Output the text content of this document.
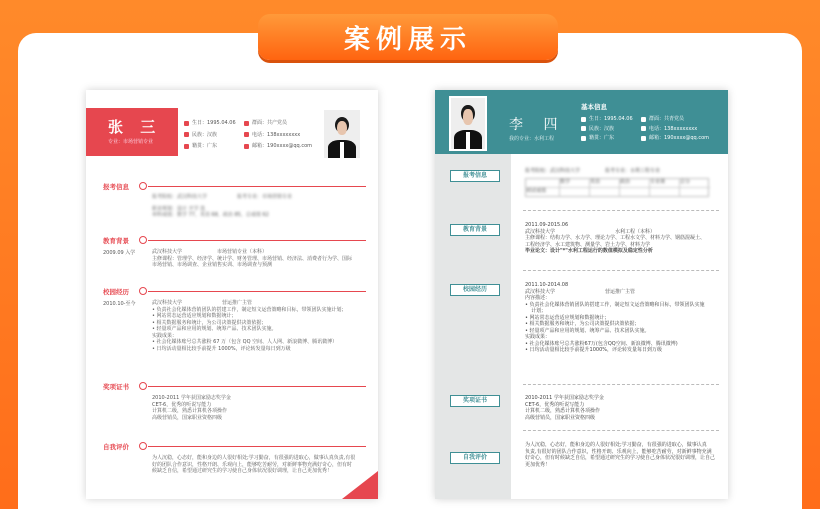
案例展示
张 三
专业：市场营销专业
生日：1995.04.06
民族：汉族
籍贯：广东
群面：共产党员
电话：138xxxxxxxx
邮箱：190xxxx@qq.com
报考信息
报考院校：武汉科技大学　　　　　　报考专业：市场营销专业
职业规划：设计 开学 选
单科成绩：数学 77，英语 68，政治 85，总成绩 62
教育背景
2009.09 入学	武汉科技大学　　　　　　　市场营销专业（本科）
主修课程：管理学、经济学、统计学、财务管理、市场营销、经济法、消费者行为学、国际
市场营销、市场调查、企业销售实训、市场调查与预测
校园经历
2010.10-至今	武汉科技大学　　　　　　　　营运推广主管
• 负责社会化媒体营销团队的搭建工作，制定短文运营策略和目标，带领团队实施计划；
• 网站常态运营适应规划和数据统计；
• 相关数据服务和统计，为公司决策提供决策依据；
• 轻量项产品和应用的规划、统筹产品、技术团队实施。
实践成果：
• 社会化媒体账号总共涨粉 67 万（包含 QQ 空间、人人网、新浪微博、腾讯微博）
• 日均活动量相比较手前提升 1000%，评论转发量每日到万级
奖项证书
2010-2011 学年获国家励志奖学金
CET-6，优秀的听说写能力
计算机二级，熟悉计算机各项操作
高级营销员，国家职业资格四级
自我评价
为人沉稳，心态好，能和身边的人很好相处;学习勤奋，有很强的进取心，做事认真负责,有很
好的团队合作意识，性格开朗、乐观向上，能够吃苦耐劳，对新鲜事物充满好奇心，但有时
候缺乏自信，希望通过研究生的学习使自己身体状况很好调理，让自己更加优秀！
李 四
我的专业：水利工程
基本信息
生日：1995.04.06
民族：汉族
籍贯：广东
群面：共青党员
电话：138xxxxxxxx
邮箱：190xxxx@qq.com
报考信息
教育背景
校园经历
奖项证书
自我评价
报考院校：武汉科技大学　　　　　报考专业：水利工程专业
数学	英语	政治	专业课	总分
初试成绩
2011.09-2015.06
武汉科技大学　　　　　　　　　　　　水利工程（本科）
主修课程：结构力学、水力学、理论力学、工程水文学、材料力学、钢筋混凝土、
工程经济学、水工建筑物、测量学、岩土力学、材料力学
毕业论文：设计"*"水利工程运行的数值模拟及稳定性分析
2011.10-2014.08
武汉科技大学　　　　　　　　　　营运推广主管
内容描述：
• 负责社会化媒体营销团队的搭建工作，制定短文运营策略和目标，带领团队实施
计划；
• 网站常态运营适应规划和数据统计；
• 相关数据服务和统计，为公司决策提供决策依据；
• 轻量项产品和应用的规划、统筹产品、技术团队实施。
实践成果：
• 社会化媒体账号总共涨粉67万(包含QQ空间、新浪微博、腾讯微博)
• 日均活动量相比较手前提升1000%，评论转发量每日到万级
2010-2011 学年获国家励志奖学金
CET-6，优秀的听说写能力
计算机二级，熟悉计算机各项操作
高级营销员，国家职业资格四级
为人沉稳，心态好，能和身边的人很好相处;学习勤奋，有很强的进取心，做事认真
负责,有很好的团队合作意识，性格开朗、乐观向上，能够吃苦耐劳，对新鲜事物充满
好奇心，但有时候缺乏自信，希望通过研究生的学习使自己身体状况很好调理，让自己
更加优秀！
